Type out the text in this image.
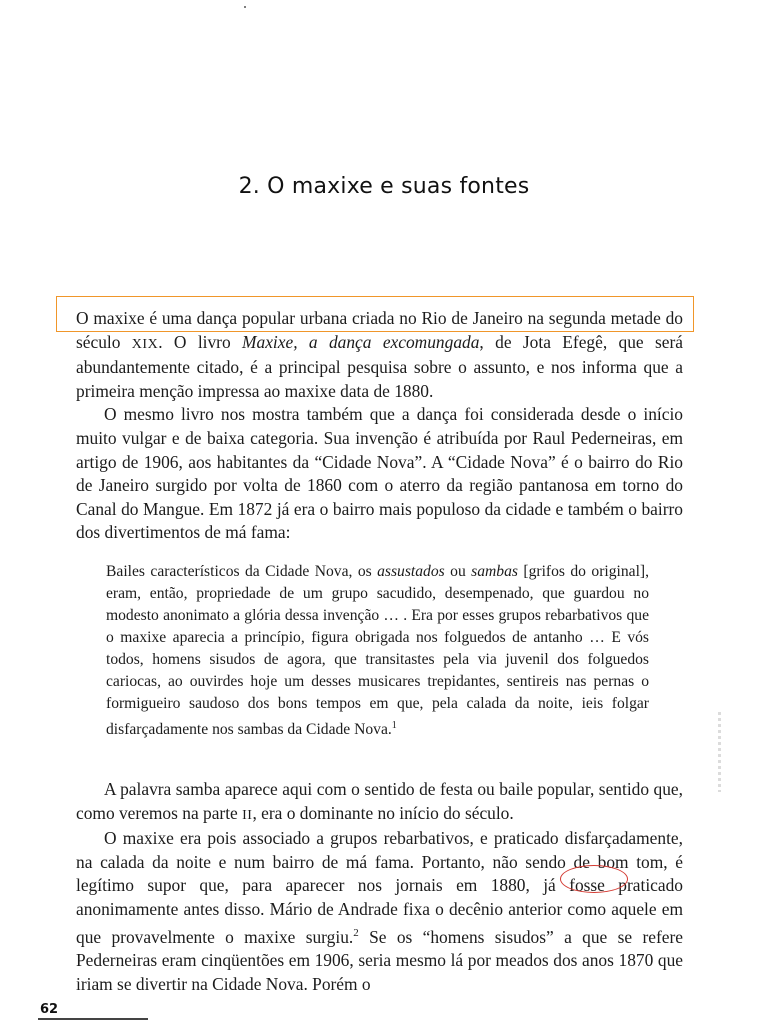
2. O maxixe e suas fontes

O maxixe é uma dança popular urbana criada no Rio de Janeiro na segunda metade do século XIX. O livro Maxixe, a dança excomungada, de Jota Efegê, que será abundantemente citado, é a principal pesquisa sobre o assunto, e nos informa que a primeira menção impressa ao maxixe data de 1880.

O mesmo livro nos mostra também que a dança foi considerada desde o início muito vulgar e de baixa categoria. Sua invenção é atribuída por Raul Pederneiras, em artigo de 1906, aos habitantes da “Cidade Nova”. A “Cidade Nova” é o bairro do Rio de Janeiro surgido por volta de 1860 com o aterro da região pantanosa em torno do Canal do Mangue. Em 1872 já era o bairro mais populoso da cidade e também o bairro dos divertimentos de má fama:

Bailes característicos da Cidade Nova, os assustados ou sambas [grifos do original], eram, então, propriedade de um grupo sacudido, desempenado, que guardou no modesto anonimato a glória dessa invenção … . Era por esses grupos rebarbativos que o maxixe aparecia a princípio, figura obrigada nos folguedos de antanho … E vós todos, homens sisudos de agora, que transitastes pela via juvenil dos folguedos cariocas, ao ouvirdes hoje um desses musicares trepidantes, sentireis nas pernas o formigueiro saudoso dos bons tempos em que, pela calada da noite, ieis folgar disfarçadamente nos sambas da Cidade Nova.$^1$

A palavra samba aparece aqui com o sentido de festa ou baile popular, sentido que, como veremos na parte II, era o dominante no início do século.

O maxixe era pois associado a grupos rebarbativos, e praticado disfarçadamente, na calada da noite e num bairro de má fama. Portanto, não sendo de bom tom, é legítimo supor que, para aparecer nos jornais em 1880, já fosse praticado anonimamente antes disso. Mário de Andrade fixa o decênio anterior como aquele em que provavelmente o maxixe surgiu.$^2$ Se os “homens sisudos” a que se refere Pederneiras eram cinqüentões em 1906, seria mesmo lá por meados dos anos 1870 que iriam se divertir na Cidade Nova. Porém o

62
